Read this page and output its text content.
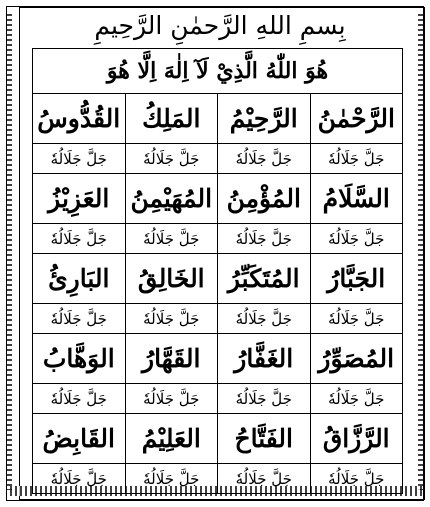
بِسمِ اللهِ الرَّحمٰنِ الرَّحِيمِ
هُوَ اللّٰهُ الَّذِيْ لَآ اِلٰهَ اِلَّا هُوَ			
الرَّحْمٰنُ	الرَّحِيْمُ	المَلِكُ	القُدُّوسُ
جَلَّ جَلَالُهٗ	جَلَّ جَلَالُهٗ	جَلَّ جَلَالُهٗ	جَلَّ جَلَالُهٗ
السَّلَامُ	المُؤْمِنُ	المُهَيْمِنُ	العَزِيْزُ
جَلَّ جَلَالُهٗ	جَلَّ جَلَالُهٗ	جَلَّ جَلَالُهٗ	جَلَّ جَلَالُهٗ
الجَبَّارُ	المُتَكَبِّرُ	الخَالِقُ	البَارِئُ
جَلَّ جَلَالُهٗ	جَلَّ جَلَالُهٗ	جَلَّ جَلَالُهٗ	جَلَّ جَلَالُهٗ
المُصَوِّرُ	الغَفَّارُ	القَهَّارُ	الوَهَّابُ
جَلَّ جَلَالُهٗ	جَلَّ جَلَالُهٗ	جَلَّ جَلَالُهٗ	جَلَّ جَلَالُهٗ
الرَّزَّاقُ	الفَتَّاحُ	العَلِيْمُ	القَابِضُ
جَلَّ جَلَالُهٗ	جَلَّ جَلَالُهٗ	جَلَّ جَلَالُهٗ	جَلَّ جَلَالُهٗ
